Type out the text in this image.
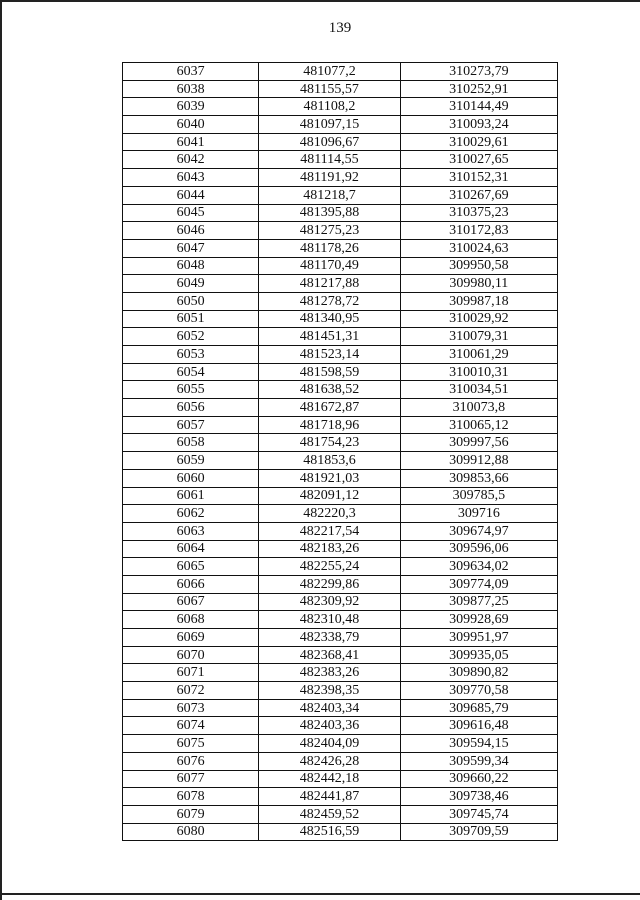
139
6037	481077,2	310273,79
6038	481155,57	310252,91
6039	481108,2	310144,49
6040	481097,15	310093,24
6041	481096,67	310029,61
6042	481114,55	310027,65
6043	481191,92	310152,31
6044	481218,7	310267,69
6045	481395,88	310375,23
6046	481275,23	310172,83
6047	481178,26	310024,63
6048	481170,49	309950,58
6049	481217,88	309980,11
6050	481278,72	309987,18
6051	481340,95	310029,92
6052	481451,31	310079,31
6053	481523,14	310061,29
6054	481598,59	310010,31
6055	481638,52	310034,51
6056	481672,87	310073,8
6057	481718,96	310065,12
6058	481754,23	309997,56
6059	481853,6	309912,88
6060	481921,03	309853,66
6061	482091,12	309785,5
6062	482220,3	309716
6063	482217,54	309674,97
6064	482183,26	309596,06
6065	482255,24	309634,02
6066	482299,86	309774,09
6067	482309,92	309877,25
6068	482310,48	309928,69
6069	482338,79	309951,97
6070	482368,41	309935,05
6071	482383,26	309890,82
6072	482398,35	309770,58
6073	482403,34	309685,79
6074	482403,36	309616,48
6075	482404,09	309594,15
6076	482426,28	309599,34
6077	482442,18	309660,22
6078	482441,87	309738,46
6079	482459,52	309745,74
6080	482516,59	309709,59
